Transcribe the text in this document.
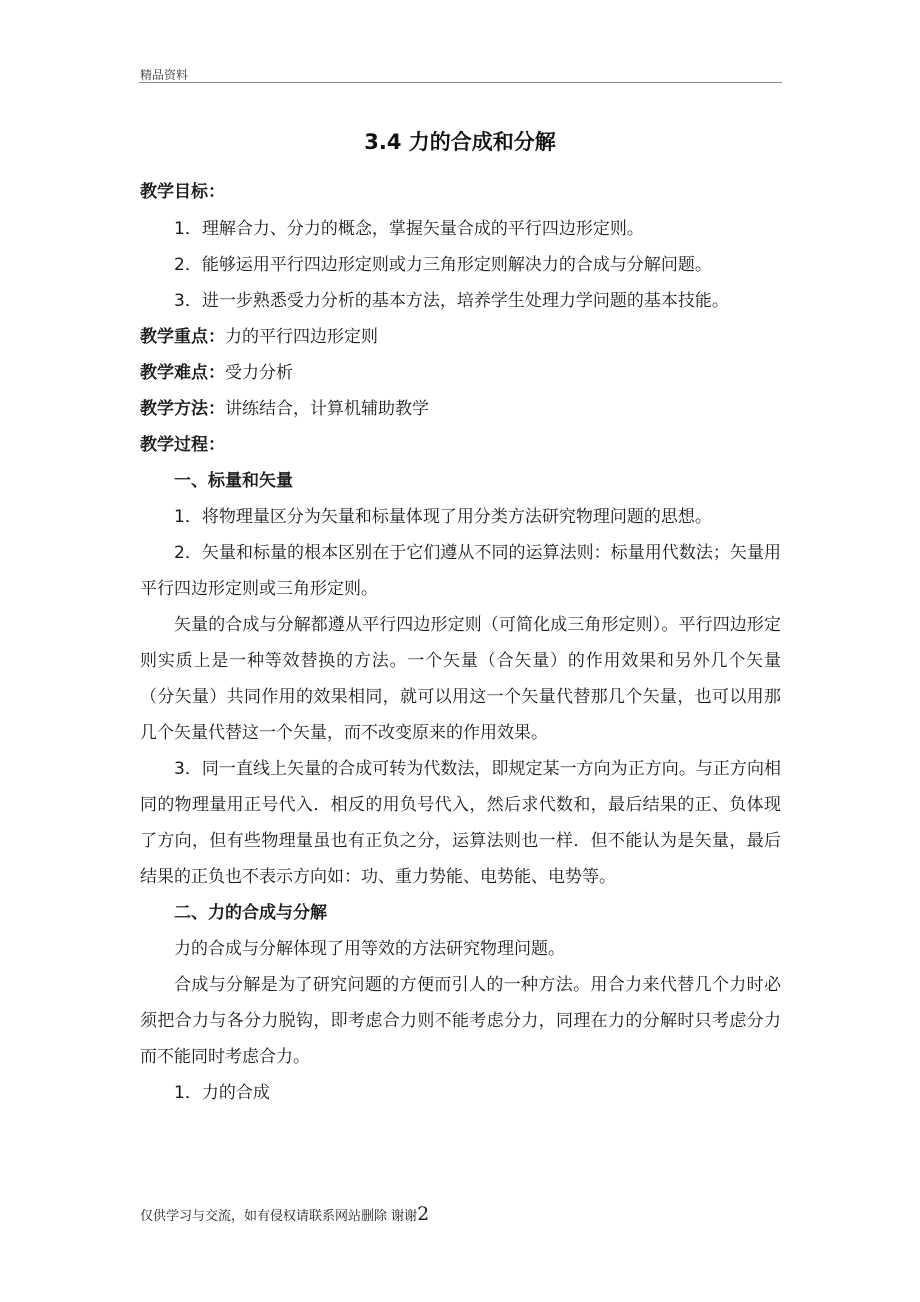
精品资料
3.4 力的合成和分解

教学目标：

1．理解合力、分力的概念，掌握矢量合成的平行四边形定则。

2．能够运用平行四边形定则或力三角形定则解决力的合成与分解问题。

3．进一步熟悉受力分析的基本方法，培养学生处理力学问题的基本技能。

教学重点：力的平行四边形定则

教学难点：受力分析

教学方法：讲练结合，计算机辅助教学

教学过程：

一、标量和矢量

1．将物理量区分为矢量和标量体现了用分类方法研究物理问题的思想。

2．矢量和标量的根本区别在于它们遵从不同的运算法则：标量用代数法；矢量用平行四边形定则或三角形定则。

矢量的合成与分解都遵从平行四边形定则（可简化成三角形定则）。平行四边形定则实质上是一种等效替换的方法。一个矢量（合矢量）的作用效果和另外几个矢量（分矢量）共同作用的效果相同，就可以用这一个矢量代替那几个矢量，也可以用那几个矢量代替这一个矢量，而不改变原来的作用效果。

3．同一直线上矢量的合成可转为代数法，即规定某一方向为正方向。与正方向相同的物理量用正号代入．相反的用负号代入，然后求代数和，最后结果的正、负体现了方向，但有些物理量虽也有正负之分，运算法则也一样．但不能认为是矢量，最后结果的正负也不表示方向如：功、重力势能、电势能、电势等。

二、力的合成与分解

力的合成与分解体现了用等效的方法研究物理问题。

合成与分解是为了研究问题的方便而引人的一种方法。用合力来代替几个力时必须把合力与各分力脱钩，即考虑合力则不能考虑分力，同理在力的分解时只考虑分力而不能同时考虑合力。

1．力的合成

仅供学习与交流，如有侵权请联系网站删除 谢谢2
